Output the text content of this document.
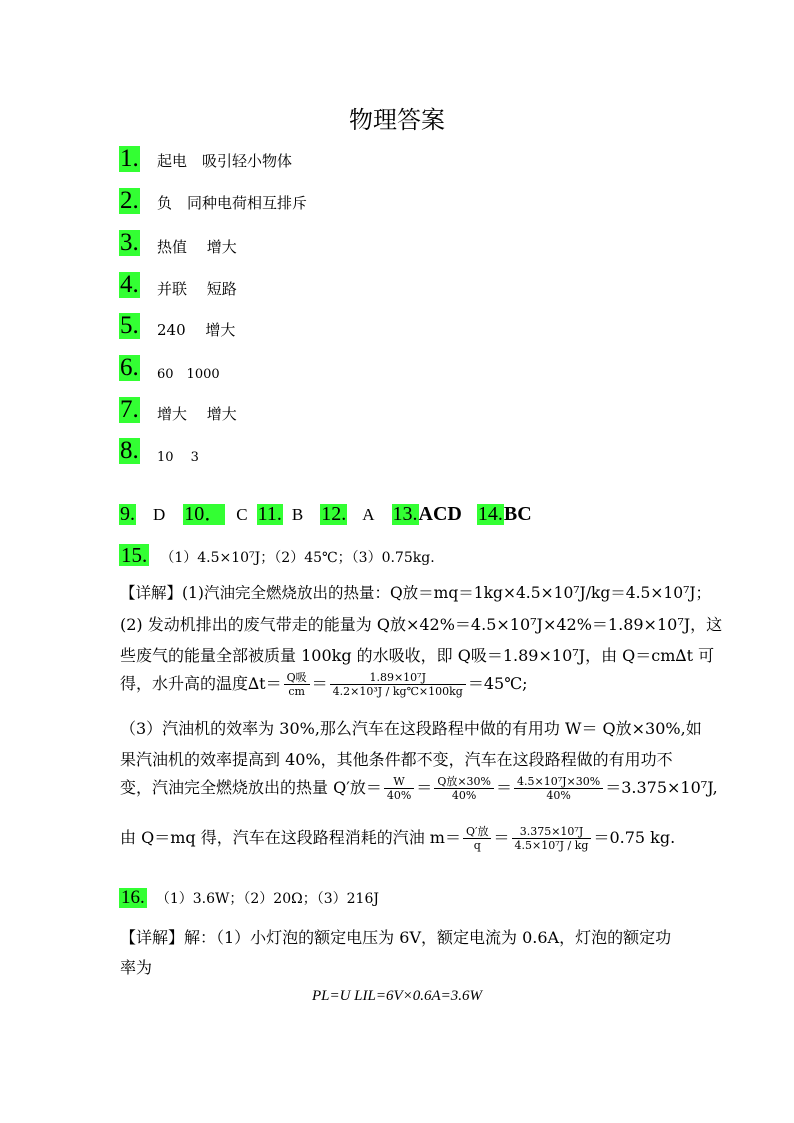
物理答案
1. 起电　吸引轻小物体
2. 负　同种电荷相互排斥
3. 热值　 增大
4. 并联　 短路
5. 240　 增大
6. 60　1000
7. 增大　 增大
8. 10　 3
9. D 10． C 11. B 12. A 13.ACD 14.BC
15. （1）4.5×10⁷J；（2）45℃；（3）0.75kg.
【详解】(1)汽油完全燃烧放出的热量：Q放＝mq＝1kg×4.5×10⁷J/kg＝4.5×10⁷J；
(2) 发动机排出的废气带走的能量为 Q放×42%＝4.5×10⁷J×42%＝1.89×10⁷J，这
些废气的能量全部被质量 100kg 的水吸收，即 Q吸＝1.89×10⁷J，由 Q＝cm∆t 可
得，水升高的温度$\Delta t= \frac{\text{Q吸}}{cm} = \frac{\text{1.89×10⁷J}}{\text{4.2×10³J / kg℃×100kg}}$ ＝45℃;
（3）汽油机的效率为 30%,那么汽车在这段路程中做的有用功 W＝ Q放×30%,如
果汽油机的效率提高到 40%，其他条件都不变，汽车在这段路程做的有用功不
变，汽油完全燃烧放出的热量 Q′放＝ $\frac{W}{40\%} = \frac{\text{Q放×30\%}}{40\%} = \frac{\text{4.5×10⁷J×30\%}}{40\%} =3.375\times 10^7J$,
由 Q＝mq 得，汽车在这段路程消耗的汽油 $m= \frac{\text{Q′放}}{q} = \frac{\text{3.375×10⁷J}}{\text{4.5×10⁷J / kg}} =0.75$ kg.
16. （1）3.6W；（2）20Ω；（3）216J
【详解】解：（1）小灯泡的额定电压为 6V，额定电流为 0.6A，灯泡的额定功
率为
PL=U LIL=6V×0.6A=3.6W
